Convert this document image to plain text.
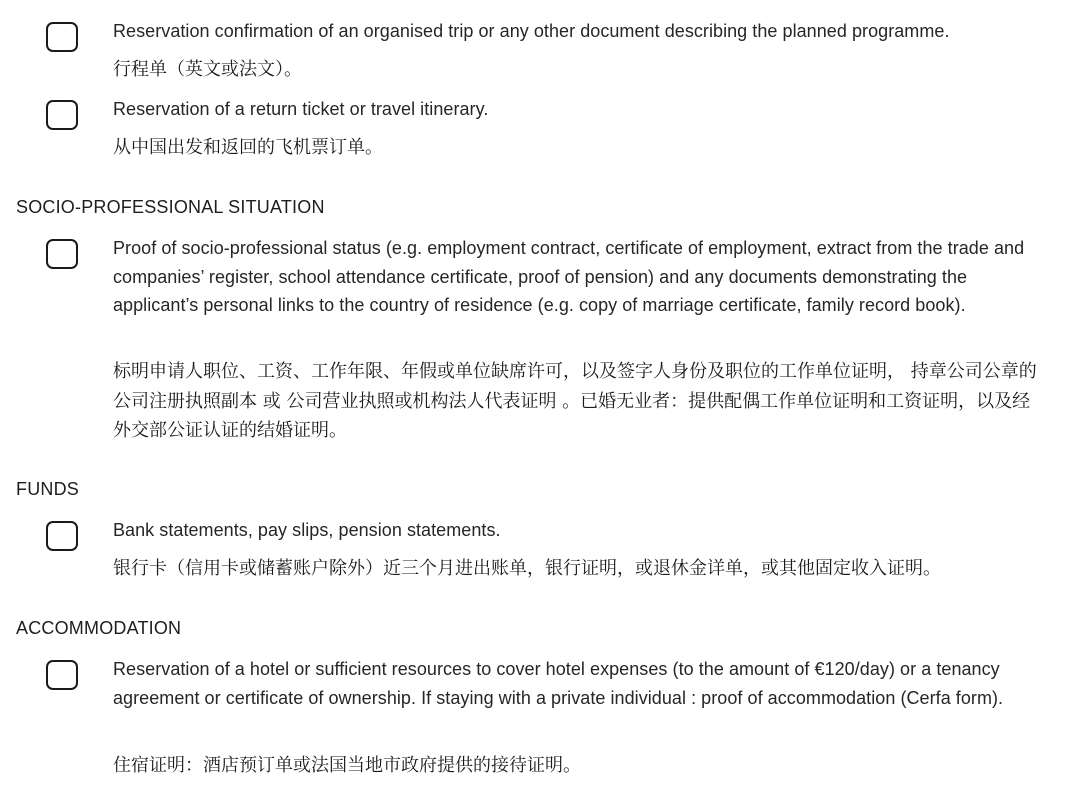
Reservation confirmation of an organised trip or any other document describing the planned programme.
行程单（英文或法文）。
Reservation of a return ticket or travel itinerary.
从中国出发和返回的飞机票订单。
SOCIO-PROFESSIONAL SITUATION
Proof of socio-professional status (e.g. employment contract, certificate of employment, extract from the trade and companies’ register, school attendance certificate, proof of pension) and any documents demonstrating the applicant’s personal links to the country of residence (e.g. copy of marriage certificate, family record book).
标明申请人职位、工资、工作年限、年假或单位缺席许可，以及签字人身份及职位的工作单位证明， 持章公司公章的公司注册执照副本 或 公司营业执照或机构法人代表证明 。已婚无业者：提供配偶工作单位证明和工资证明，以及经外交部公证认证的结婚证明。
FUNDS
Bank statements, pay slips, pension statements.
银行卡（信用卡或储蓄账户除外）近三个月进出账单，银行证明，或退休金详单，或其他固定收入证明。
ACCOMMODATION
Reservation of a hotel or sufficient resources to cover hotel expenses (to the amount of €120/day) or a tenancy agreement or certificate of ownership. If staying with a private individual : proof of accommodation (Cerfa form).
住宿证明：酒店预订单或法国当地市政府提供的接待证明。
